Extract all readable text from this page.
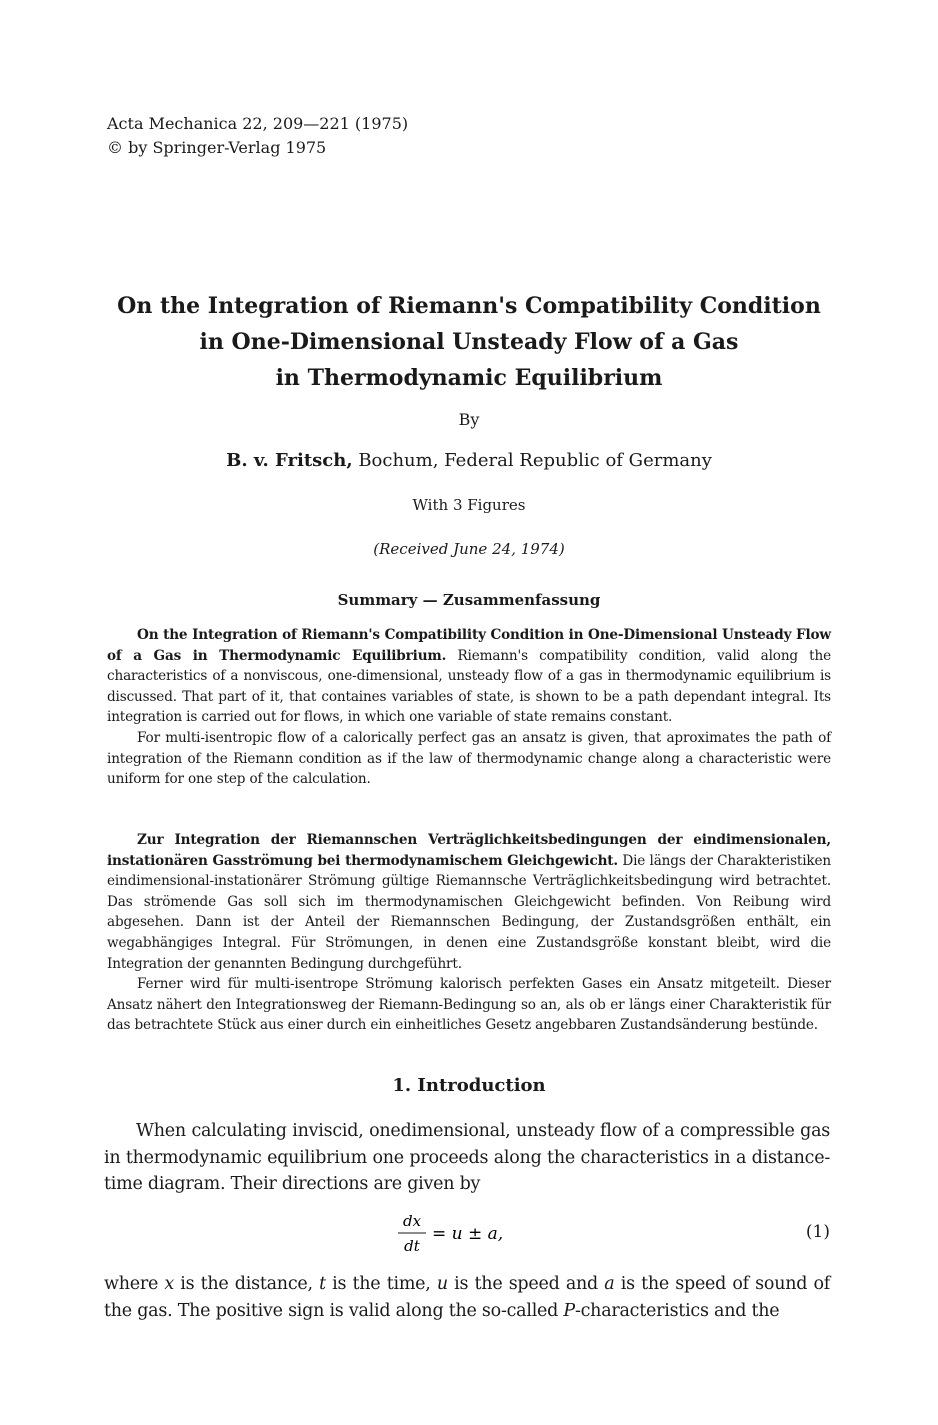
Acta Mechanica 22, 209—221 (1975)
© by Springer-Verlag 1975
On the Integration of Riemann's Compatibility Condition
in One-Dimensional Unsteady Flow of a Gas
in Thermodynamic Equilibrium
By
B. v. Fritsch, Bochum, Federal Republic of Germany
With 3 Figures
(Received June 24, 1974)
Summary — Zusammenfassung

On the Integration of Riemann's Compatibility Condition in One-Dimensional Unsteady Flow of a Gas in Thermodynamic Equilibrium. Riemann's compatibility condition, valid along the characteristics of a nonviscous, one-dimensional, unsteady flow of a gas in thermodynamic equilibrium is discussed. That part of it, that containes variables of state, is shown to be a path dependant integral. Its integration is carried out for flows, in which one variable of state remains constant.

For multi-isentropic flow of a calorically perfect gas an ansatz is given, that aproximates the path of integration of the Riemann condition as if the law of thermodynamic change along a characteristic were uniform for one step of the calculation.

Zur Integration der Riemannschen Verträglichkeitsbedingungen der eindimensionalen, instationären Gasströmung bei thermodynamischem Gleichgewicht. Die längs der Charakteristiken eindimensional-instationärer Strömung gültige Riemannsche Verträglichkeitsbedingung wird betrachtet. Das strömende Gas soll sich im thermodynamischen Gleichgewicht befinden. Von Reibung wird abgesehen. Dann ist der Anteil der Riemannschen Bedingung, der Zustandsgrößen enthält, ein wegabhängiges Integral. Für Strömungen, in denen eine Zustandsgröße konstant bleibt, wird die Integration der genannten Bedingung durchgeführt.

Ferner wird für multi-isentrope Strömung kalorisch perfekten Gases ein Ansatz mitgeteilt. Dieser Ansatz nähert den Integrationsweg der Riemann-Bedingung so an, als ob er längs einer Charakteristik für das betrachtete Stück aus einer durch ein einheitliches Gesetz angebbaren Zustandsänderung bestünde.

1. Introduction

When calculating inviscid, onedimensional, unsteady flow of a compressible gas in thermodynamic equilibrium one proceeds along the characteristics in a distance-time diagram. Their directions are given by

dx
dt
= u ± a,	(1)

where x is the distance, t is the time, u is the speed and a is the speed of sound of the gas. The positive sign is valid along the so-called P-characteristics and the
